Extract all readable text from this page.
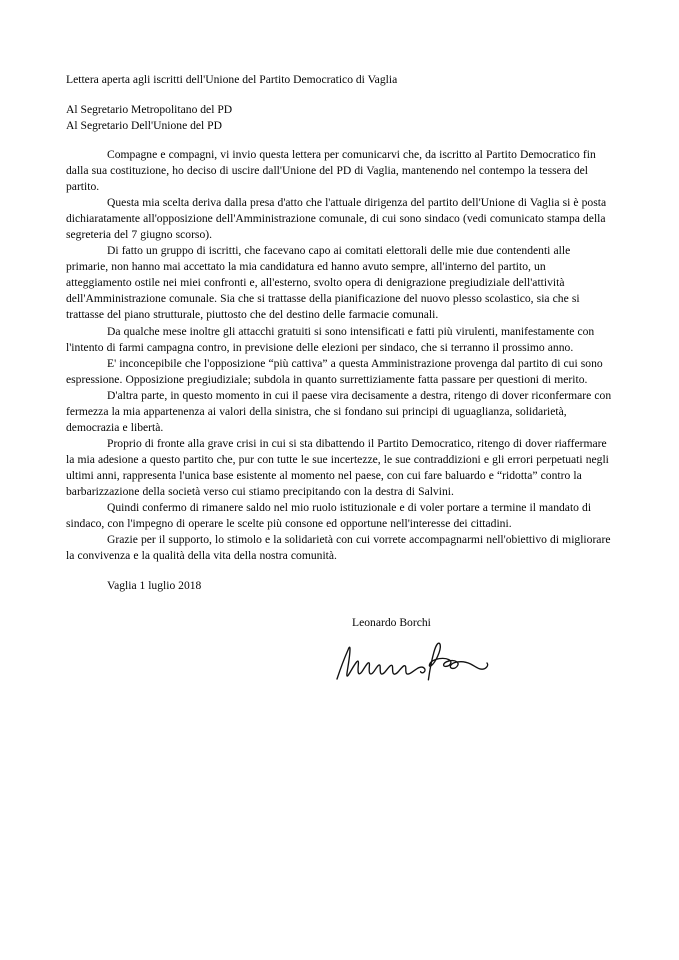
Lettera aperta agli iscritti dell'Unione del Partito Democratico di Vaglia

Al Segretario Metropolitano del PD

Al Segretario Dell'Unione del PD

Compagne e compagni, vi invio questa lettera per comunicarvi che, da iscritto al Partito Democratico fin dalla sua costituzione, ho deciso di uscire dall'Unione del PD di Vaglia, mantenendo nel contempo la tessera del partito.

Questa mia scelta deriva dalla presa d'atto che l'attuale dirigenza del partito dell'Unione di Vaglia si è posta dichiaratamente all'opposizione dell'Amministrazione comunale, di cui sono sindaco (vedi comunicato stampa della segreteria del 7 giugno scorso).

Di fatto un gruppo di iscritti, che facevano capo ai comitati elettorali delle mie due contendenti alle primarie, non hanno mai accettato la mia candidatura ed hanno avuto sempre, all'interno del partito, un atteggiamento ostile nei miei confronti e, all'esterno, svolto opera di denigrazione pregiudiziale dell'attività dell'Amministrazione comunale. Sia che si trattasse della pianificazione del nuovo plesso scolastico, sia che si trattasse del piano strutturale, piuttosto che del destino delle farmacie comunali.

Da qualche mese inoltre gli attacchi gratuiti si sono intensificati e fatti più virulenti, manifestamente con l'intento di farmi campagna contro, in previsione delle elezioni per sindaco, che si terranno il prossimo anno.

E' inconcepibile che l'opposizione “più cattiva” a questa Amministrazione provenga dal partito di cui sono espressione. Opposizione pregiudiziale; subdola in quanto surrettiziamente fatta passare per questioni di merito.

D'altra parte, in questo momento in cui il paese vira decisamente a destra, ritengo di dover riconfermare con fermezza la mia appartenenza ai valori della sinistra, che si fondano sui principi di uguaglianza, solidarietà, democrazia e libertà.

Proprio di fronte alla grave crisi in cui si sta dibattendo il Partito Democratico, ritengo di dover riaffermare la mia adesione a questo partito che, pur con tutte le sue incertezze, le sue contraddizioni e gli errori perpetuati negli ultimi anni, rappresenta l'unica base esistente al momento nel paese, con cui fare baluardo e “ridotta” contro la barbarizzazione della società verso cui stiamo precipitando con la destra di Salvini.

Quindi confermo di rimanere saldo nel mio ruolo istituzionale e di voler portare a termine il mandato di sindaco, con l'impegno di operare le scelte più consone ed opportune nell'interesse dei cittadini.

Grazie per il supporto, lo stimolo e la solidarietà con cui vorrete accompagnarmi nell'obiettivo di migliorare la convivenza e la qualità della vita della nostra comunità.

Vaglia 1 luglio 2018

Leonardo Borchi
